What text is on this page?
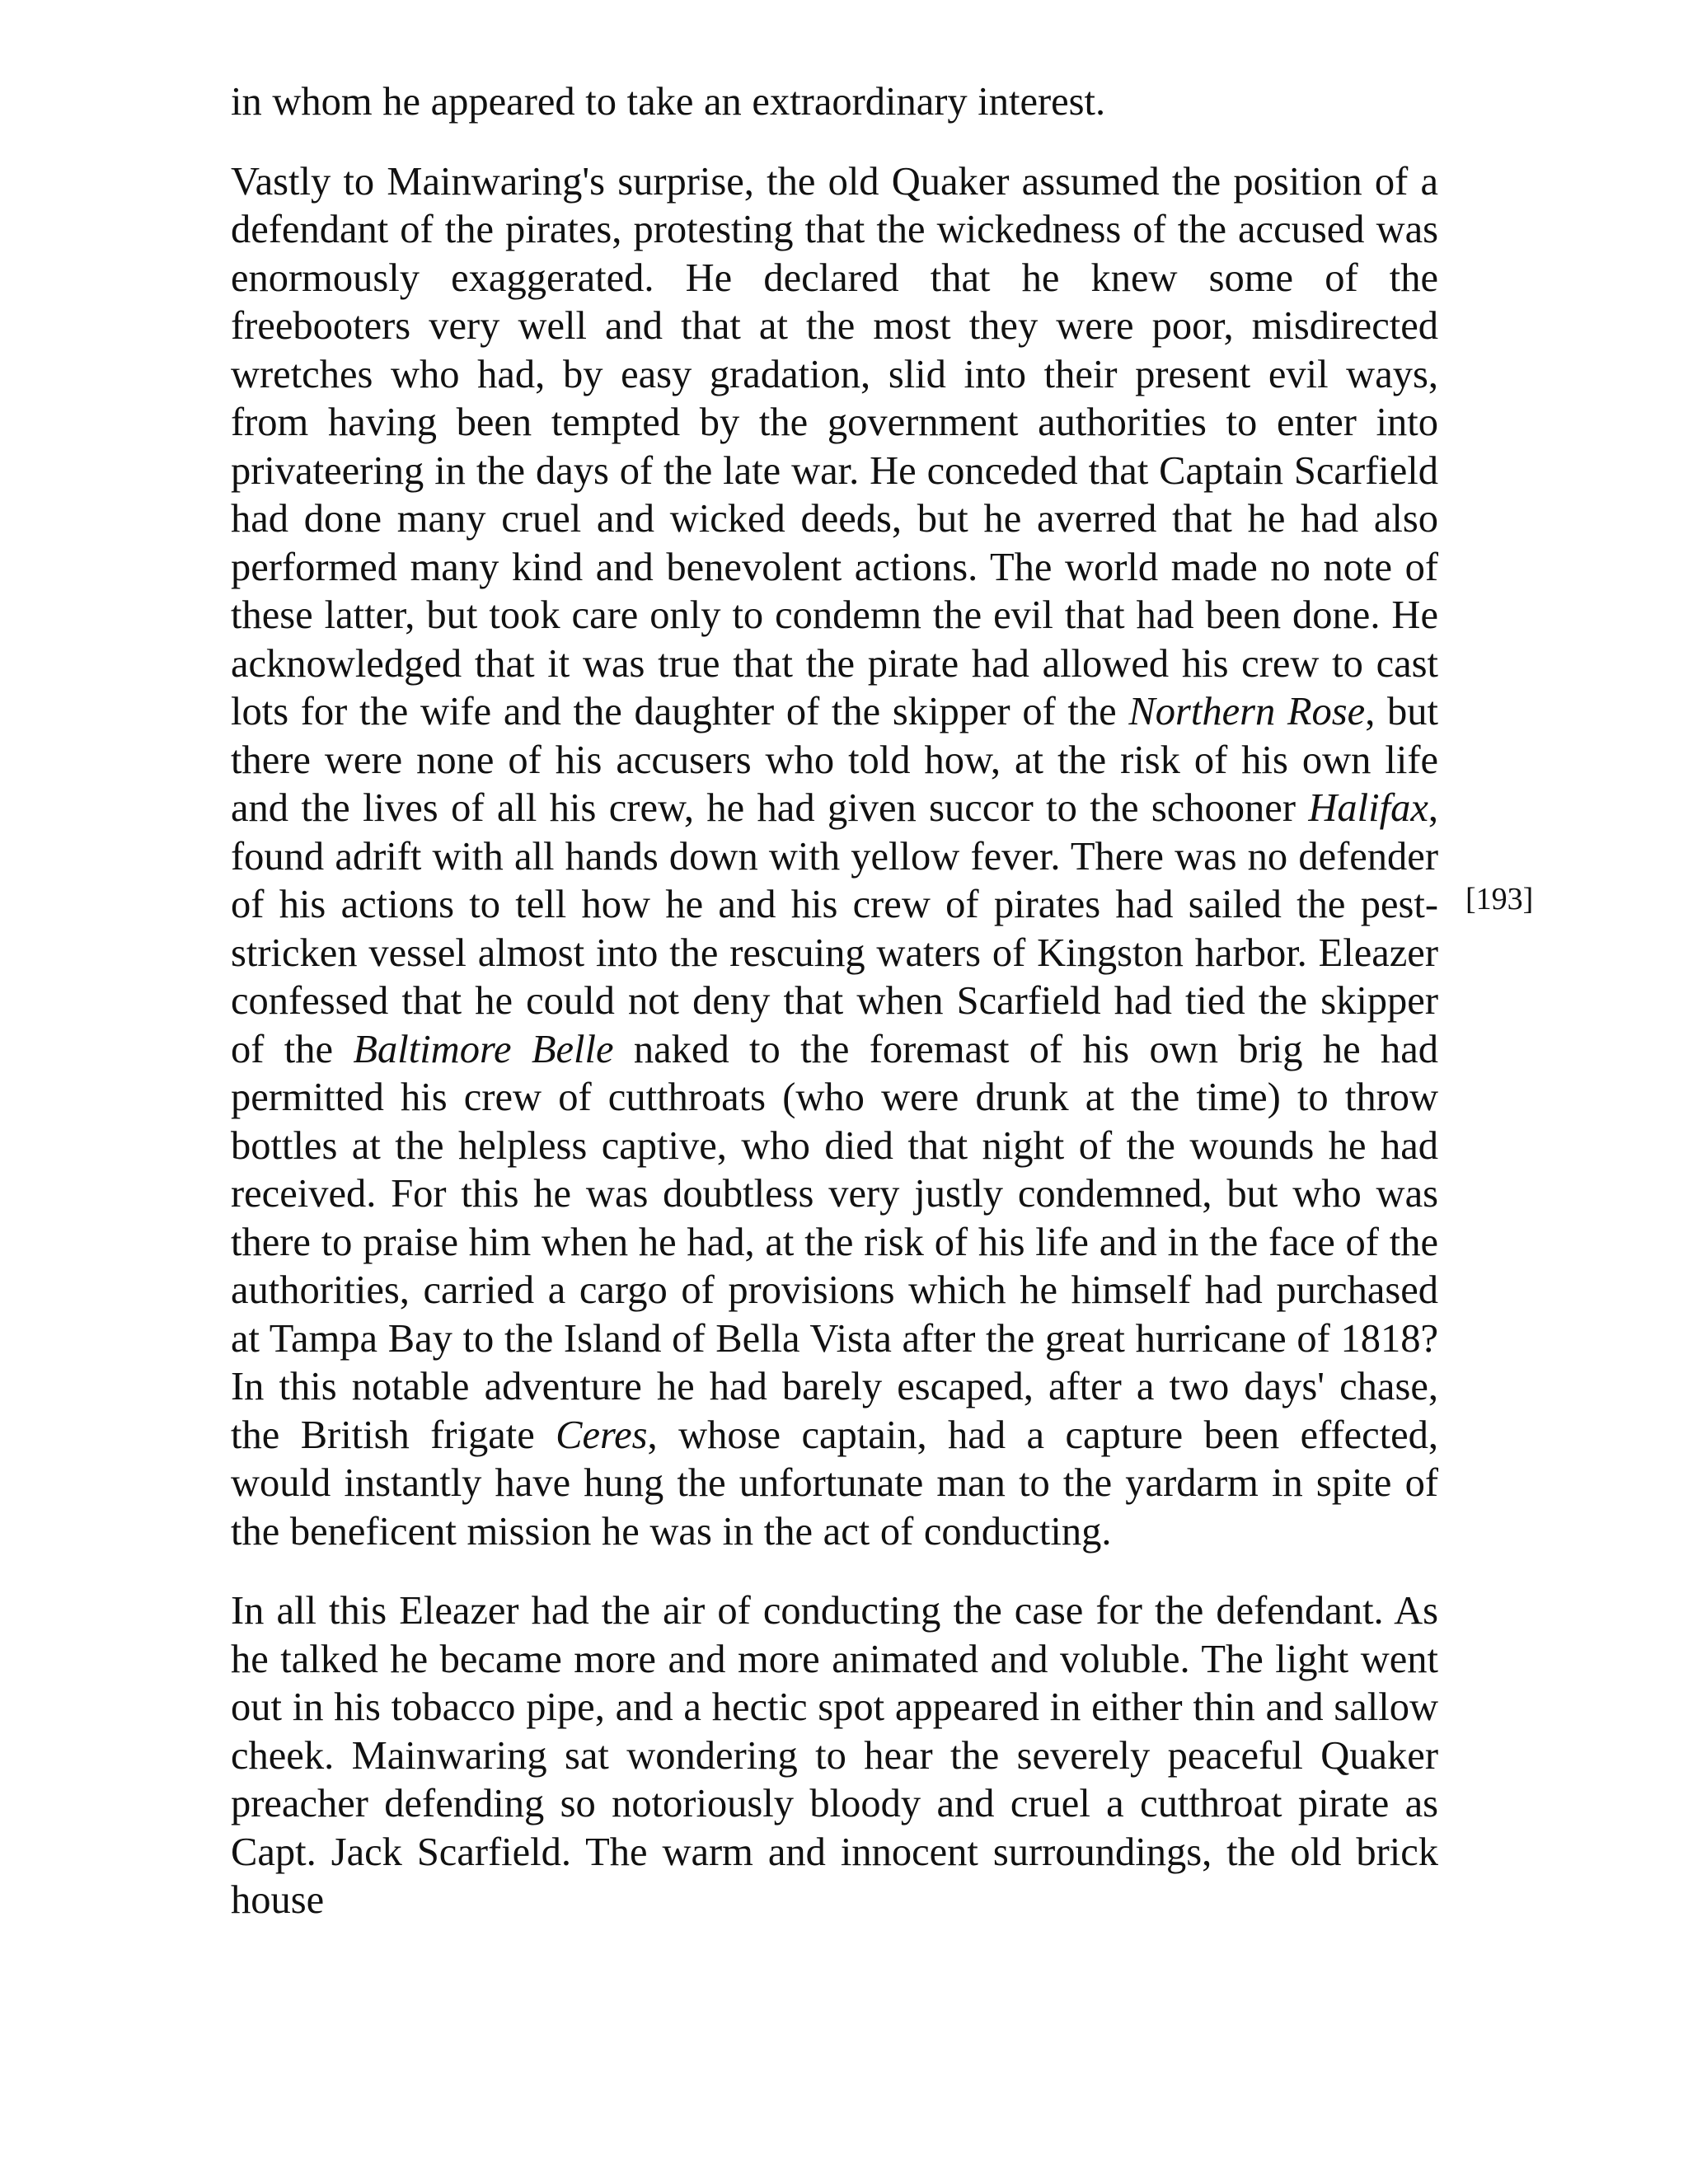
in whom he appeared to take an extraordinary interest.

Vastly to Mainwaring's surprise, the old Quaker assumed the position of a defendant of the pirates, protesting that the wickedness of the accused was enormously exaggerated. He declared that he knew some of the freebooters very well and that at the most they were poor, misdirected wretches who had, by easy gradation, slid into their present evil ways, from having been tempted by the government authorities to enter into privateering in the days of the late war. He conceded that Captain Scarfield had done many cruel and wicked deeds, but he averred that he had also performed many kind and benevolent actions. The world made no note of these latter, but took care only to condemn the evil that had been done. He acknowledged that it was true that the pirate had allowed his crew to cast lots for the wife and the daughter of the skipper of the Northern Rose, but there were none of his accusers who told how, at the risk of his own life and the lives of all his crew, he had given succor to the schooner Halifax, found adrift with all hands down with yellow fever. There was no defender of his actions to tell how he and his crew of pirates had sailed the pest-stricken vessel almost into the rescuing waters of Kingston harbor. Eleazer confessed that he could not deny that when Scarfield had tied the skipper of the Baltimore Belle naked to the foremast of his own brig he had permitted his crew of cutthroats (who were drunk at the time) to throw bottles at the helpless captive, who died that night of the wounds he had received. For this he was doubtless very justly condemned, but who was there to praise him when he had, at the risk of his life and in the face of the authorities, carried a cargo of provisions which he himself had purchased at Tampa Bay to the Island of Bella Vista after the great hurricane of 1818? In this notable adventure he had barely escaped, after a two days' chase, the British frigate Ceres, whose captain, had a capture been effected, would instantly have hung the unfortunate man to the yardarm in spite of the beneficent mission he was in the act of conducting.

In all this Eleazer had the air of conducting the case for the defendant. As he talked he became more and more animated and voluble. The light went out in his tobacco pipe, and a hectic spot appeared in either thin and sallow cheek. Mainwaring sat wondering to hear the severely peaceful Quaker preacher defending so notoriously bloody and cruel a cutthroat pirate as Capt. Jack Scarfield. The warm and innocent surroundings, the old brick house

[193]
